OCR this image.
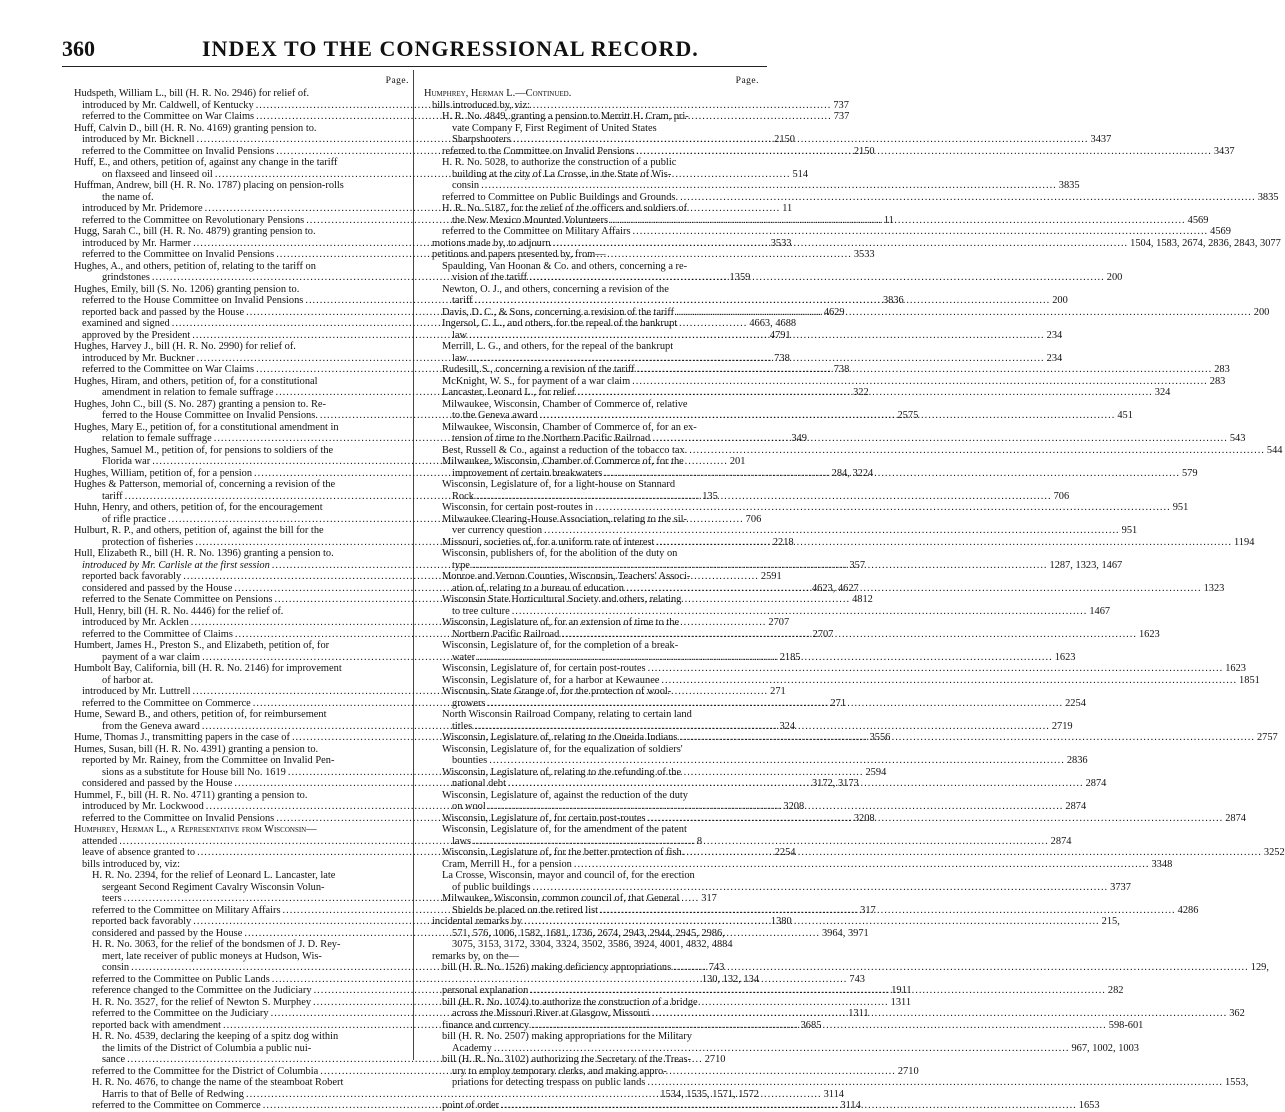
360	INDEX TO THE CONGRESSIONAL RECORD.
Page.
Hudspeth, William L., bill (H. R. No. 2946) for relief of.
introduced by Mr. Caldwell, of Kentucky .....	737
referred to the Committee on War Claims .....	737
Huff, Calvin D., bill (H. R. No. 4169) granting pension to.
introduced by Mr. Bicknell .....	2150
referred to the Committee on Invalid Pensions .....	2150
Huff, E., and others, petition of, against any change in the tariff
on flaxseed and linseed oil .....	514
Huffman, Andrew, bill (H. R. No. 1787) placing on pension-rolls
the name of.
introduced by Mr. Pridemore .....	11
referred to the Committee on Revolutionary Pensions .....	11
Hugg, Sarah C., bill (H. R. No. 4879) granting pension to.
introduced by Mr. Harmer .....	3533
referred to the Committee on Invalid Pensions .....	3533
Hughes, A., and others, petition of, relating to the tariff on
grindstones .....	1359
Hughes, Emily, bill (S. No. 1206) granting pension to.
referred to the House Committee on Invalid Pensions .....	3836
reported back and passed by the House .....	4629
examined and signed .....	4663, 4688
approved by the President .....	4791
Hughes, Harvey J., bill (H. R. No. 2990) for relief of.
introduced by Mr. Buckner .....	738
referred to the Committee on War Claims .....	738
Hughes, Hiram, and others, petition of, for a constitutional
amendment in relation to female suffrage .....	322
Hughes, John C., bill (S. No. 287) granting a pension to. Re-
ferred to the House Committee on Invalid Pensions. .....	2575
Hughes, Mary E., petition of, for a constitutional amendment in
relation to female suffrage .....	349
Hughes, Samuel M., petition of, for pensions to soldiers of the
Florida war .....	201
Hughes, William, petition of, for a pension .....	284, 3224
Hughes & Patterson, memorial of, concerning a revision of the
tariff .....	135
Huhn, Henry, and others, petition of, for the encouragement
of rifle practice .....	706
Hulburt, R. P., and others, petition of, against the bill for the
protection of fisheries .....	2218
Hull, Elizabeth R., bill (H. R. No. 1396) granting a pension to.
introduced by Mr. Carlisle at the first session .....	357
reported back favorably .....	2591
considered and passed by the House .....	4623, 4627
referred to the Senate Committee on Pensions .....	4812
Hull, Henry, bill (H. R. No. 4446) for the relief of.
introduced by Mr. Acklen .....	2707
referred to the Committee of Claims .....	2707
Humbert, James H., Preston S., and Elizabeth, petition of, for
payment of a war claim .....	2185
Humbolt Bay, California, bill (H. R. No. 2146) for improvement
of harbor at.
introduced by Mr. Luttrell .....	271
referred to the Committee on Commerce .....	271
Hume, Seward B., and others, petition of, for reimbursement
from the Geneva award .....	324
Hume, Thomas J., transmitting papers in the case of .....	3556
Humes, Susan, bill (H. R. No. 4391) granting a pension to.
reported by Mr. Rainey, from the Committee on Invalid Pen-
sions as a substitute for House bill No. 1619 .....	2594
considered and passed by the House .....	3172, 3173
Hummel, F., bill (H. R. No. 4711) granting a pension to.
introduced by Mr. Lockwood .....	3208
referred to the Committee on Invalid Pensions .....	3208
Humphrey, Herman L., a Representative from Wisconsin—
attended .....	8
leave of absence granted to .....	2254
bills introduced by, viz:
H. R. No. 2394, for the relief of Leonard L. Lancaster, late
sergeant Second Regiment Cavalry Wisconsin Volun-
teers .....	317
referred to the Committee on Military Affairs .....	317
reported back favorably .....	1380
considered and passed by the House .....	3964, 3971
H. R. No. 3063, for the relief of the bondsmen of J. D. Rey-
mert, late receiver of public moneys at Hudson, Wis-
consin .....	743
referred to the Committee on Public Lands .....	743
reference changed to the Committee on the Judiciary .....	1911
H. R. No. 3527, for the relief of Newton S. Murphey .....	1311
referred to the Committee on the Judiciary .....	1311
reported back with amendment .....	3685
H. R. No. 4539, declaring the keeping of a spitz dog within
the limits of the District of Columbia a public nui-
sance .....	2710
referred to the Committee for the District of Columbia .....	2710
H. R. No. 4676, to change the name of the steamboat Robert
Harris to that of Belle of Redwing .....	3114
referred to the Committee on Commerce .....	3114
Page.
Humphrey, Herman L.—Continued.
bills introduced by, viz:
H. R. No. 4849, granting a pension to Merritt H. Cram, pri-
vate Company F, First Regiment of United States
Sharpshooters .....	3437
referred to the Committee on Invalid Pensions .....	3437
H. R. No. 5028, to authorize the construction of a public
building at the city of La Crosse, in the State of Wis-
consin .....	3835
referred to Committee on Public Buildings and Grounds. .....	3835
H. R. No. 5187, for the relief of the officers and soldiers of
the New Mexico Mounted Volunteers .....	4569
referred to the Committee on Military Affairs .....	4569
motions made by, to adjourn .....	1504, 1583, 2674, 2836, 2843, 3077
petitions and papers presented by, from—
Spaulding, Van Hoonan & Co. and others, concerning a re-
vision of the tariff .....	200
Newton, O. J., and others, concerning a revision of the
tariff .....	200
Davis, D. C., & Sons, concerning a revision of the tariff .....	200
Ingersol, C. L., and others, for the repeal of the bankrupt
law .....	234
Merrill, L. G., and others, for the repeal of the bankrupt
law .....	234
Rudesill, S., concerning a revision of the tariff .....	283
McKnight, W. S., for payment of a war claim .....	283
Lancaster, Leonard L., for relief .....	324
Milwaukee, Wisconsin, Chamber of Commerce of, relative
to the Geneva award .....	451
Milwaukee, Wisconsin, Chamber of Commerce of, for an ex-
tension of time to the Northern Pacific Railroad .....	543
Best, Russell & Co., against a reduction of the tobacco tax. .....	544
Milwaukee, Wisconsin, Chamber of Commerce of, for the
improvement of certain breakwaters .....	579
Wisconsin, Legislature of, for a light-house on Stannard
Rock .....	706
Wisconsin, for certain post-routes in .....	951
Milwaukee Clearing-House Association, relating to the sil-
ver currency question .....	951
Missouri, societies of, for a uniform rate of interest .....	1194
Wisconsin, publishers of, for the abolition of the duty on
type .....	1287, 1323, 1467
Monroe and Vernon Counties, Wisconsin, Teachers' Associ-
ation of, relating to a bureau of education .....	1323
Wisconsin State Horticultural Society and others, relating
to tree culture .....	1467
Wisconsin, Legislature of, for an extension of time to the
Northern Pacific Railroad .....	1623
Wisconsin, Legislature of, for the completion of a break-
water .....	1623
Wisconsin, Legislature of, for certain post-routes .....	1623
Wisconsin, Legislature of, for a harbor at Kewaunee .....	1851
Wisconsin, State Grange of, for the protection of wool-
growers .....	2254
North Wisconsin Railroad Company, relating to certain land
titles .....	2719
Wisconsin, Legislature of, relating to the Oneida Indians .....	2757
Wisconsin, Legislature of, for the equalization of soldiers'
bounties .....	2836
Wisconsin, Legislature of, relating to the refunding of the
national debt .....	2874
Wisconsin, Legislature of, against the reduction of the duty
on wool .....	2874
Wisconsin, Legislature of, for certain post-routes .....	2874
Wisconsin, Legislature of, for the amendment of the patent
laws .....	2874
Wisconsin, Legislature of, for the better protection of fish. .....	3252
Cram, Merrill H., for a pension .....	3348
La Crosse, Wisconsin, mayor and council of, for the erection
of public buildings .....	3737
Milwaukee, Wisconsin, common council of, that General
Shields be placed on the retired list .....	4286
incidental remarks by .....	215,
571, 576, 1006, 1582, 1681, 1736, 2674, 2943, 2944, 2945, 2986,
3075, 3153, 3172, 3304, 3324, 3502, 3586, 3924, 4001, 4832, 4884
remarks by, on the—
bill (H. R. No. 1526) making deficiency appropriations .....	129,
130, 132, 134
personal explanation .....	282
bill (H. R. No. 1074) to authorize the construction of a bridge
across the Missouri River at Glasgow, Missouri .....	362
finance and currency .....	598-601
bill (H. R. No. 2507) making appropriations for the Military
Academy .....	967, 1002, 1003
bill (H. R. No. 3102) authorizing the Secretary of the Treas-
ury to employ temporary clerks, and making appro-
priations for detecting trespass on public lands .....	1553,
1534, 1535, 1571, 1572
point of order .....	1653
